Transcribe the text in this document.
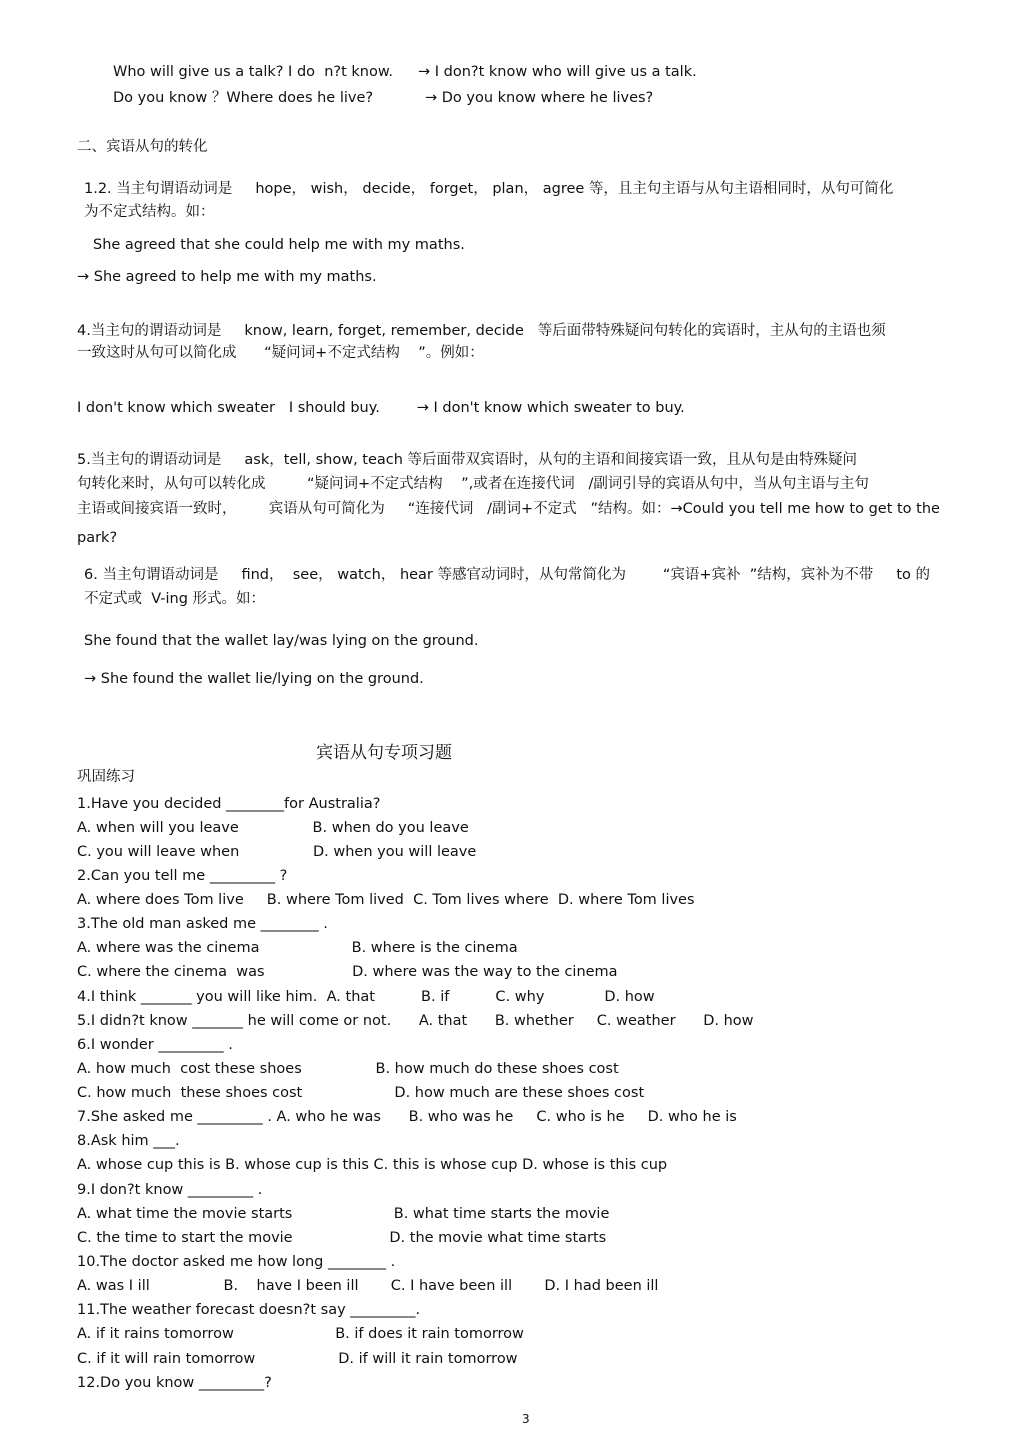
Who will give us a talk? I do  n?t know. → I don?t know who will give us a talk.
Do you know ？Where does he live?	→ Do you know where he lives?
二、宾语从句的转化
1.2. 当主句谓语动词是     hope， wish， decide， forget， plan， agree 等，且主句主语与从句主语相同时，从句可简化
为不定式结构。如：
She agreed that she could help me with my maths.
→ She agreed to help me with my maths.
4.当主句的谓语动词是     know, learn, forget, remember, decide   等后面带特殊疑问句转化的宾语时，主从句的主语也须
一致这时从句可以简化成      “疑问词+不定式结构    ”。例如：
I don't know which sweater   I should buy.        → I don't know which sweater to buy.
5.当主句的谓语动词是     ask，tell, show, teach 等后面带双宾语时，从句的主语和间接宾语一致，且从句是由特殊疑问
句转化来时，从句可以转化成         “疑问词+不定式结构    ”,或者在连接代词   /副词引导的宾语从句中，当从句主语与主句
主语或间接宾语一致时，       宾语从句可简化为     “连接代词   /副词+不定式   ”结构。如：→Could you tell me how to get to the
park?
6. 当主句谓语动词是     find，  see， watch， hear 等感官动词时，从句常简化为        “宾语+宾补  ”结构，宾补为不带     to 的
不定式或  V-ing 形式。如：
She found that the wallet lay/was lying on the ground.
→ She found the wallet lie/lying on the ground.
宾语从句专项习题
巩固练习
1.Have you decided ________for Australia?
A. when will you leave                B. when do you leave
C. you will leave when                D. when you will leave
2.Can you tell me _________ ?
A. where does Tom live     B. where Tom lived  C. Tom lives where  D. where Tom lives
3.The old man asked me ________ .
A. where was the cinema                    B. where is the cinema
C. where the cinema  was                   D. where was the way to the cinema
4.I think _______ you will like him.  A. that          B. if          C. why             D. how
5.I didn?t know _______ he will come or not.      A. that      B. whether     C. weather      D. how
6.I wonder _________ .
A. how much  cost these shoes                B. how much do these shoes cost
C. how much  these shoes cost                    D. how much are these shoes cost
7.She asked me _________ . A. who he was      B. who was he     C. who is he     D. who he is
8.Ask him ___.
A. whose cup this is B. whose cup is this C. this is whose cup D. whose is this cup
9.I don?t know _________ .
A. what time the movie starts                      B. what time starts the movie
C. the time to start the movie                     D. the movie what time starts
10.The doctor asked me how long ________ .
A. was I ill                B.    have I been ill       C. I have been ill       D. I had been ill
11.The weather forecast doesn?t say _________.
A. if it rains tomorrow                      B. if does it rain tomorrow
C. if it will rain tomorrow                  D. if will it rain tomorrow
12.Do you know _________?
3
